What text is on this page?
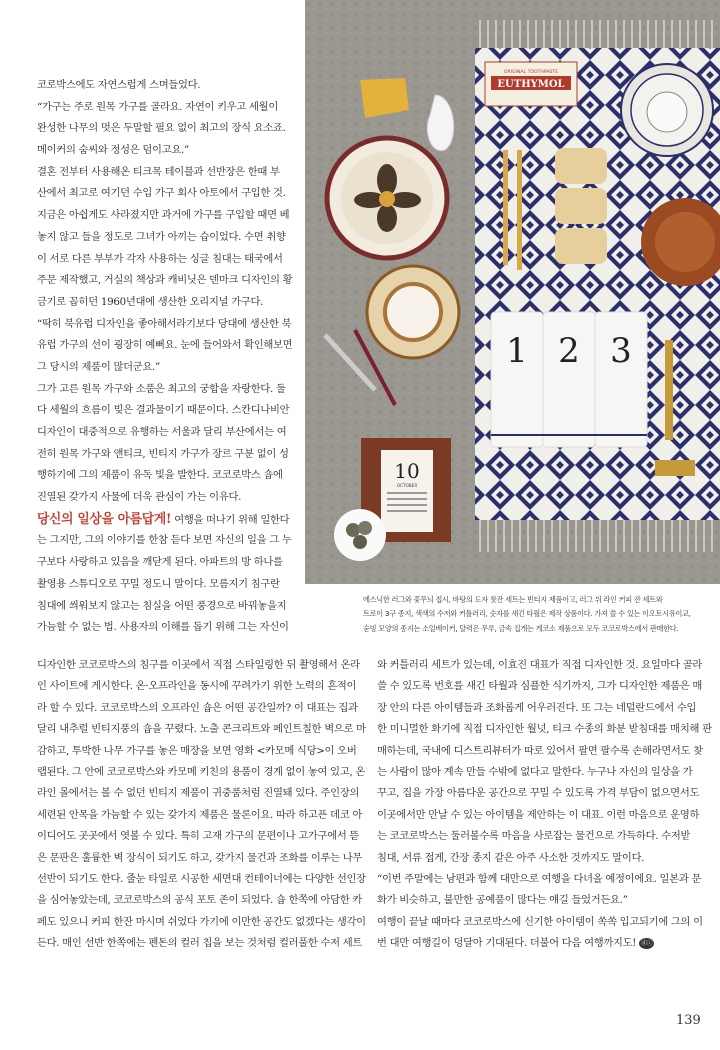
코로박스에도 자연스럽게 스며들었다.
“가구는 주로 원목 가구를 골라요. 자연이 키우고 세월이
완성한 나무의 멋은 두말할 필요 없이 최고의 장식 요소죠.
메이커의 숨씨와 정성은 덤이고요.”
결혼 전부터 사용해온 티크목 테이블과 선반장은 한때 부
산에서 최고로 여기던 수입 가구 회사 아토에서 구입한 것.
지금은 아쉽게도 사라졌지만 과거에 가구를 구입할 때면 베
놓지 않고 들을 정도로 그녀가 아끼는 습이었다. 수면 취향
이 서로 다른 부부가 각자 사용하는 싱글 침대는 태국에서
주문 제작했고, 거실의 책상과 캐비닛은 덴마크 디자인의 황
금기로 꼽히던 1960년대에 생산한 오리지널 가구다.
“딱히 북유럽 디자인을 좋아해서라기보다 당대에 생산한 북
유럽 가구의 선이 굉장히 예뻐요. 눈에 들어와서 확인해보면
그 당시의 제품이 많더군요.”
그가 고른 원목 가구와 소품은 최고의 궁합을 자랑한다. 둘
다 세월의 흐름이 빚은 결과물이기 때문이다. 스칸디나비안
디자인이 대중적으로 유행하는 서울과 달리 부산에서는 여
전히 원목 가구와 앤티크, 빈티지 가구가 장르 구분 없이 성
행하기에 그의 제품이 유독 빛을 발한다. 코코로박스 숍에
진열된 갖가지 사물에 더욱 관심이 가는 이유다.
당신의 일상을 아름답게! 여행을 떠나기 위해 일한다
는 그지만, 그의 이야기를 한참 듣다 보면 자신의 일을 그 누
구보다 사랑하고 있음을 깨닫게 된다. 아파트의 방 하나를
촬영용 스튜디오로 꾸밀 정도니 말이다. 모름지기 침구란
침대에 씌워보지 않고는 침실을 어떤 풍경으로 바꿔놓을지
가늠할 수 없는 법. 사용자의 이해를 돕기 위해 그는 자신이
ORIGINAL TOOTHPASTE
EUTHYMOL
1 2 3
10
OCTOBER
에스닉한 러그와 꽃무늬 접시, 바탕의 도자 찻잔 세트는 빈티지 제품이고, 러그 위 라인 커피 잔 세트와
트로이 3구 종지, 색색의 수저와 커틀러리, 숫자를 새긴 타월은 제작 상품이다. 가져 쓸 수 있는 이오토시유이교,
숟빙 모양의 종지는 소일베이커, 달력은 무루, 금속 집게는 게코소 제품으로 모두 코코로박스에서 판매한다.
디자인한 코코로박스의 침구를 이곳에서 직접 스타일링한 뒤 촬영해서 온라
인 사이트에 게시한다. 온·오프라인을 동시에 꾸려가기 위한 노력의 흔적이
라 할 수 있다. 코코로박스의 오프라인 숍은 어떤 공간일까? 이 대표는 집과
달리 내추럴 빈티지풍의 숍을 꾸렸다. 노출 콘크리트와 페인트칠한 벽으로 마
감하고, 투박한 나무 가구를 놓은 매장을 보면 영화 <카모메 식당>이 오버
랩된다. 그 안에 코코로박스와 카모메 키친의 용품이 경계 없이 놓여 있고, 온
라인 몰에서는 볼 수 없던 빈티지 제품이 귀중품처럼 진열돼 있다. 주인장의
세련된 안목을 가늠할 수 있는 갖가지 제품은 물론이요. 따라 하고픈 데코 아
이디어도 곳곳에서 엿볼 수 있다. 특히 고재 가구의 문편이나 고가구에서 뜯
은 문판은 훌륭한 벽 장식이 되기도 하고, 갖가지 물건과 조화를 이루는 나무
선반이 되기도 한다. 줄눈 타일로 시공한 세면대 컨테이너에는 다양한 선인장
을 심어놓았는데, 코코로박스의 공식 포토 존이 되었다. 숍 한쪽에 아담한 카
페도 있으니 커피 한잔 마시며 쉬었다 가기에 이만한 공간도 없겠다는 생각이
든다. 매인 선반 한쪽에는 펜돈의 컬러 칩을 보는 것처럼 컬러풀한 수저 세트
와 커틀러리 세트가 있는데, 이효진 대표가 직접 디자인한 것. 요일마다 골라
쓸 수 있도록 번호를 새긴 타월과 심플한 식기까지, 그가 디자인한 제품은 매
장 안의 다른 아이템들과 조화롭게 어우러진다. 또 그는 네덜란드에서 수입
한 미니멀한 화기에 직접 디자인한 월넛, 티크 수종의 화분 받침대를 매치해 판
매하는데, 국내에 디스트리뷰터가 따로 있어서 팔면 팔수록 손해라면서도 찾
는 사람이 많아 계속 만들 수밖에 없다고 말한다. 누구나 자신의 일상을 가
꾸고, 집을 가장 아름다운 공간으로 꾸밀 수 있도록 가격 부담이 없으면서도
이곳에서만 만날 수 있는 아이템을 제안하는 이 대표. 이런 마음으로 운영하
는 코코로박스는 둘러볼수록 마음을 사로잡는 물건으로 가득하다. 수저받
침대, 서류 접게, 간장 종지 같은 아주 사소한 것까지도 말이다.
“이번 주말에는 남편과 함께 대만으로 여행을 다녀올 예정이에요. 일본과 문
화가 비슷하고, 불만한 공예품이 많다는 얘길 들었거든요.”
여행이 끝날 때마다 코코로박스에 신기한 아이템이 쏙쏙 입고되기에 그의 이
번 대만 여행길이 덩달아 기대된다. 더불어 다음 여행까지도! ⓓⓘ
139
